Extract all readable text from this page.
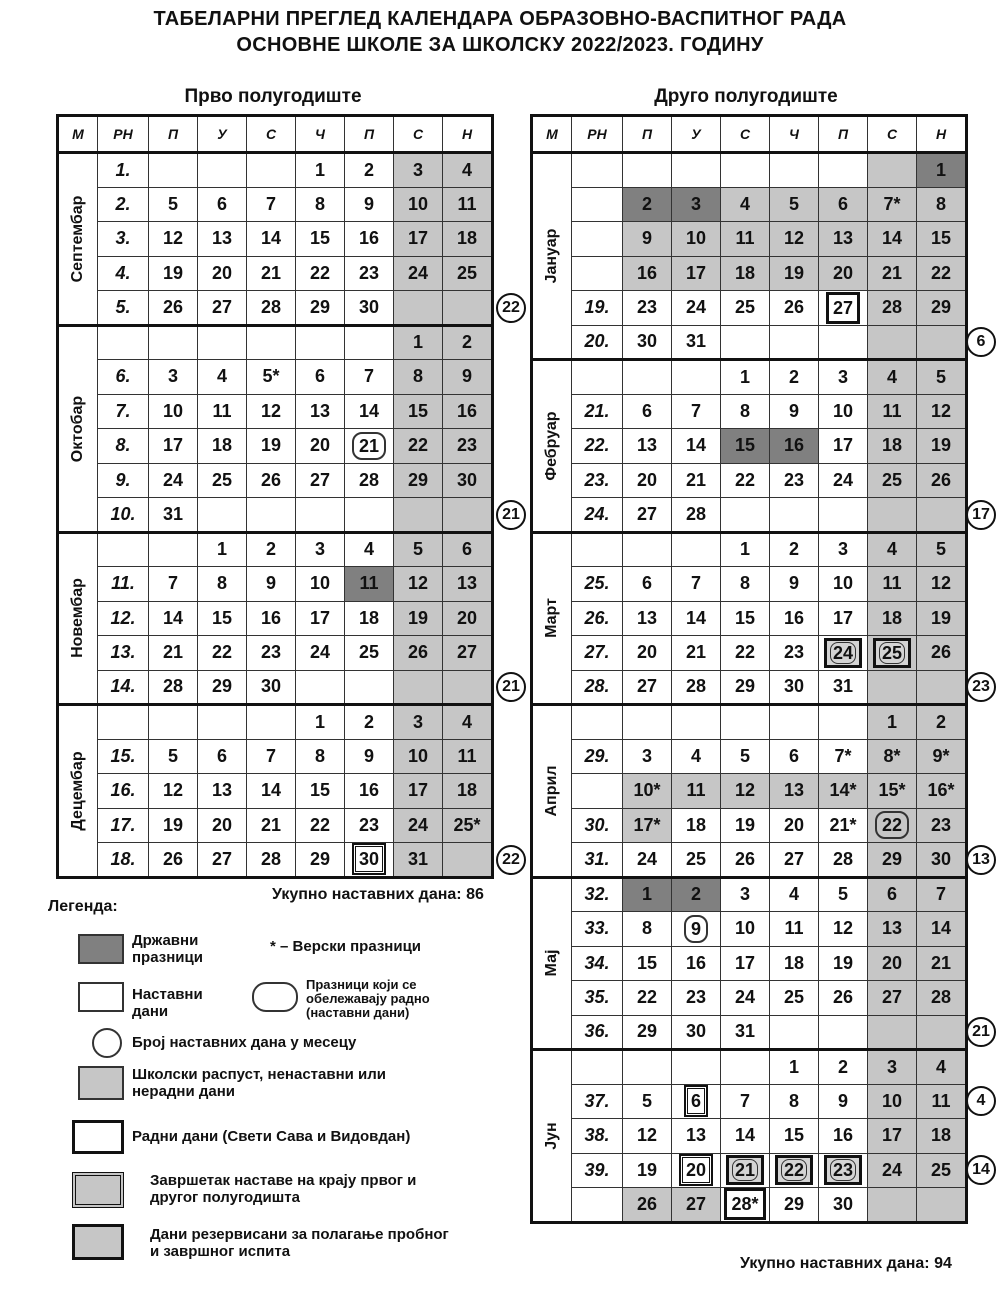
ТАБЕЛАРНИ ПРЕГЛЕД КАЛЕНДАРА ОБРАЗОВНО-ВАСПИТНОГ РАДА
ОСНОВНЕ ШКОЛЕ ЗА ШКОЛСКУ 2022/2023. ГОДИНУ
Прво полугодиште	Друго полугодиште
М	РН	П	У	С	Ч	П	С	Н

Септембар	1.				1	2	3	4
	2.	5	6	7	8	9	10	11
	3.	12	13	14	15	16	17	18
	4.	19	20	21	22	23	24	25
	5.	26	27	28	29	30		

Октобар							1	2
	6.	3	4	5*	6	7	8	9
	7.	10	11	12	13	14	15	16
	8.	17	18	19	20	21	22	23
	9.	24	25	26	27	28	29	30
	10.	31						

Новембар			1	2	3	4	5	6
	11.	7	8	9	10	11	12	13
	12.	14	15	16	17	18	19	20
	13.	21	22	23	24	25	26	27
	14.	28	29	30				

Децембар					1	2	3	4
	15.	5	6	7	8	9	10	11
	16.	12	13	14	15	16	17	18
	17.	19	20	21	22	23	24	25*
	18.	26	27	28	29	30	31	
М	РН	П	У	С	Ч	П	С	Н

Јануар								1
		2	3	4	5	6	7*	8
		9	10	11	12	13	14	15
		16	17	18	19	20	21	22
	19.	23	24	25	26	27	28	29
	20.	30	31					

Фебруар				1	2	3	4	5
	21.	6	7	8	9	10	11	12
	22.	13	14	15	16	17	18	19
	23.	20	21	22	23	24	25	26
	24.	27	28					

Март				1	2	3	4	5
	25.	6	7	8	9	10	11	12
	26.	13	14	15	16	17	18	19
	27.	20	21	22	23	24	25	26
	28.	27	28	29	30	31		

Април							1	2
	29.	3	4	5	6	7*	8*	9*
		10*	11	12	13	14*	15*	16*
	30.	17*	18	19	20	21*	22	23
	31.	24	25	26	27	28	29	30

Мај	32.	1	2	3	4	5	6	7
	33.	8	9	10	11	12	13	14
	34.	15	16	17	18	19	20	21
	35.	22	23	24	25	26	27	28
	36.	29	30	31				

Јун					1	2	3	4
	37.	5	6	7	8	9	10	11
	38.	12	13	14	15	16	17	18
	39.	19	20	21	22	23	24	25
		26	27	28*	29	30		
Укупно наставних дана: 86
Укупно наставних дана: 94
Легенда:
Државни празници
* – Верски празници
Наставни дани
Празници који се обележавају радно (наставни дани)
Број наставних дана у месецу
Школски распуст, ненаставни или нерадни дани
Радни дани (Свети Сава и Видовдан)
Завршетак наставе на крају првог и другог полугодишта
Дани резервисани за полагање пробног и завршног испита
22
21
21
22
6
17
23
13
21
4
14
